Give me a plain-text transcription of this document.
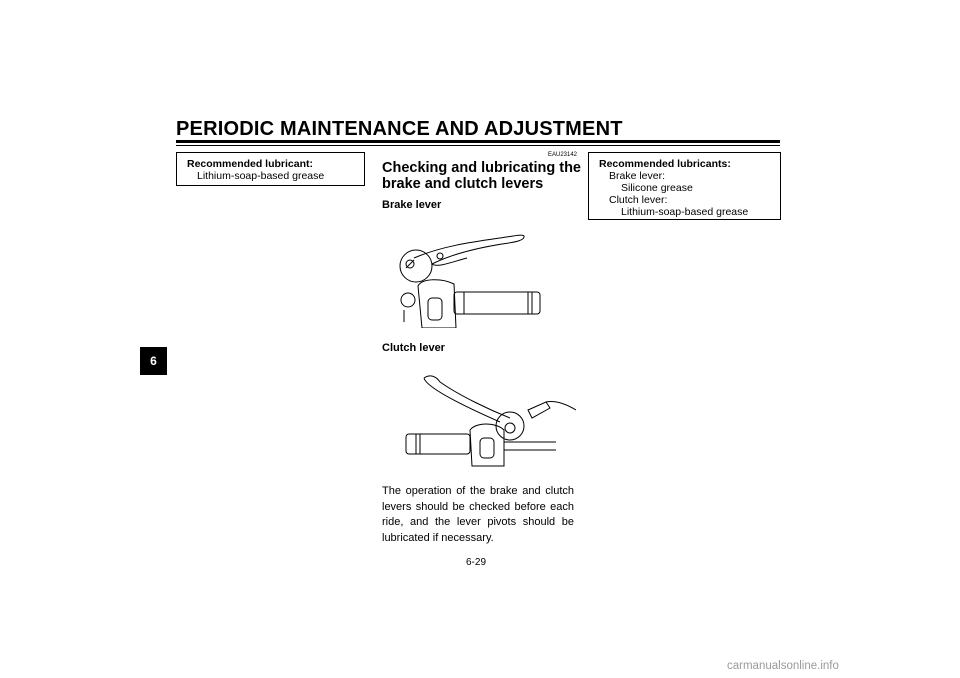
PERIODIC MAINTENANCE AND ADJUSTMENT
6
Recommended lubricant:
Lithium-soap-based grease
EAU23142
Checking and lubricating the brake and clutch levers
Brake lever
Clutch lever
The operation of the brake and clutch levers should be checked before each ride, and the lever pivots should be lubricated if necessary.
Recommended lubricants:
Brake lever:
Silicone grease
Clutch lever:
Lithium-soap-based grease
6-29
carmanualsonline.info
